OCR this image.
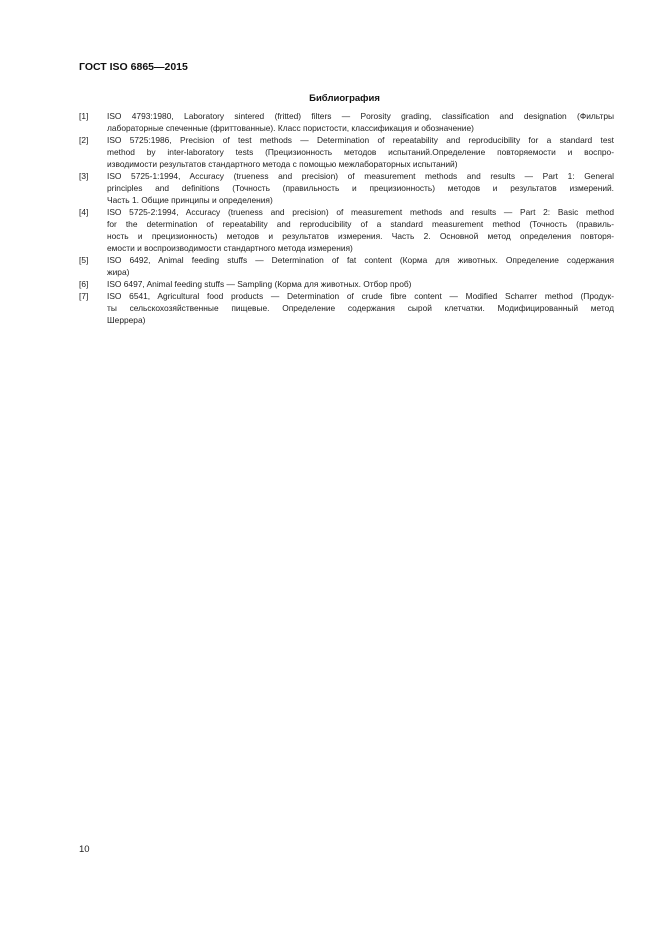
ГОСТ ISO 6865—2015
Библиография
[1] ISO 4793:1980, Laboratory sintered (fritted) filters — Porosity grading, classification and designation (Фильтры
лабораторные спеченные (фриттованные). Класс пористости, классификация и обозначение)
[2] ISO 5725:1986, Precision of test methods — Determination of repeatability and reproducibility for a standard test
method by inter-laboratory tests (Прецизионность методов испытаний.Определение повторяемости и воспро-
изводимости результатов стандартного метода с помощью межлабораторных испытаний)
[3] ISO 5725-1:1994, Accuracy (trueness and precision) of measurement methods and results — Part 1: General
principles and definitions (Точность (правильность и прецизионность) методов и результатов измерений.
Часть 1. Общие принципы и определения)
[4] ISO 5725-2:1994, Accuracy (trueness and precision) of measurement methods and results — Part 2: Basic method
for the determination of repeatability and reproducibility of a standard measurement method (Точность (правиль-
ность и прецизионность) методов и результатов измерения. Часть 2. Основной метод определения повторя-
емости и воспроизводимости стандартного метода измерения)
[5] ISO 6492, Animal feeding stuffs — Determination of fat content (Корма для животных. Определение содержания
жира)
[6] ISO 6497, Animal feeding stuffs — Sampling (Корма для животных. Отбор проб)
[7] ISO 6541, Agricultural food products — Determination of crude fibre content — Modified Scharrer method (Продук-
ты сельскохозяйственные пищевые. Определение содержания сырой клетчатки. Модифицированный метод
Шеррера)
10
